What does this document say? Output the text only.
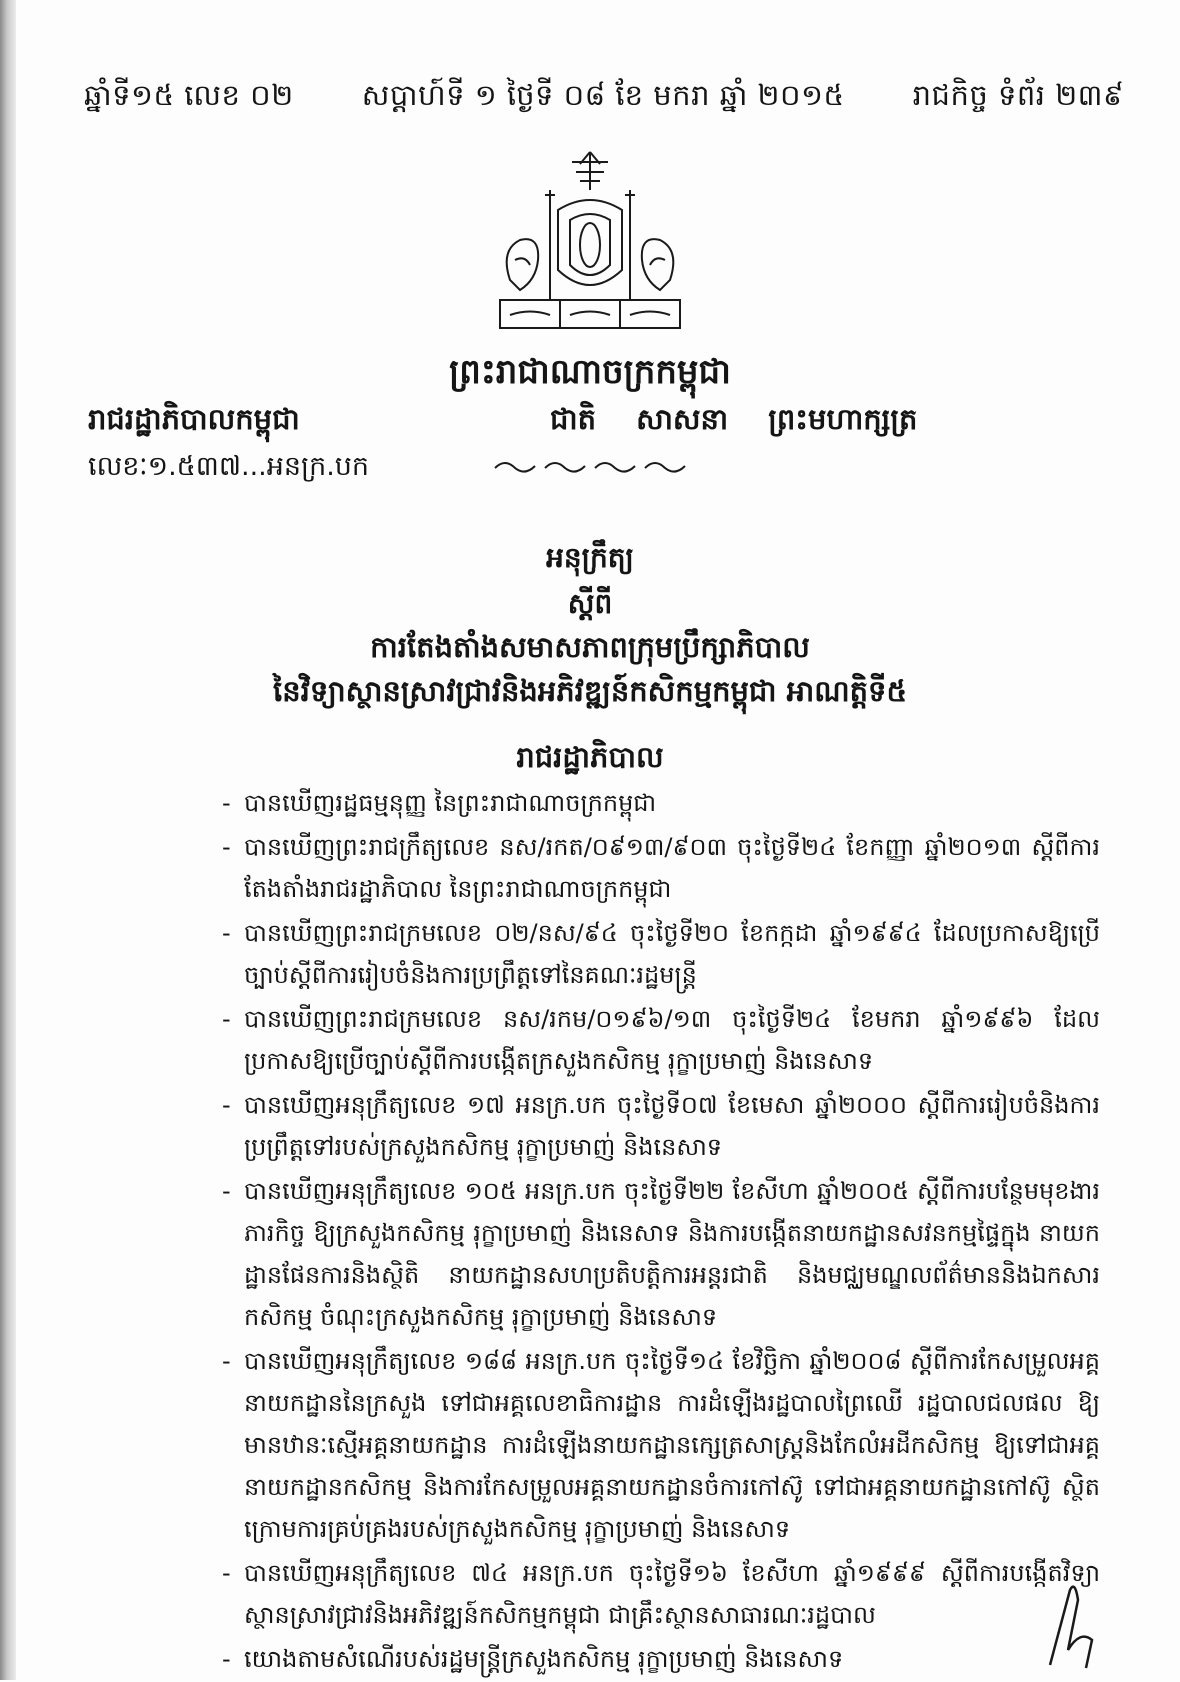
ឆ្នាំទី១៥ លេខ ០២ សប្តាហ៍ទី ១ ថ្ងៃទី ០៨ ខែ មករា ឆ្នាំ ២០១៥ រាជកិច្ច ទំព័រ ២៣៩
ព្រះរាជាណាចក្រកម្ពុជា
រាជរដ្ឋាភិបាលកម្ពុជា	ជាតិ សាសនា ព្រះមហាក្សត្រ
លេខៈ១.៥៣៧...អនក្រ.បក
អនុក្រឹត្យ
ស្តីពី
ការតែងតាំងសមាសភាពក្រុមប្រឹក្សាភិបាល
នៃវិទ្យាស្ថានស្រាវជ្រាវនិងអភិវឌ្ឍន៍កសិកម្មកម្ពុជា អាណត្តិទី៥
រាជរដ្ឋាភិបាល
- បានឃើញរដ្ឋធម្មនុញ្ញ នៃព្រះរាជាណាចក្រកម្ពុជា
- បានឃើញព្រះរាជក្រឹត្យលេខ នស/រកត/០៩១៣/៩០៣ ចុះថ្ងៃទី២៤ ខែកញ្ញា ឆ្នាំ២០១៣ ស្តីពីការតែងតាំងរាជរដ្ឋាភិបាល នៃព្រះរាជាណាចក្រកម្ពុជា
- បានឃើញព្រះរាជក្រមលេខ ០២/នស/៩៤ ចុះថ្ងៃទី២០ ខែកក្កដា ឆ្នាំ១៩៩៤ ដែលប្រកាសឱ្យប្រើច្បាប់ស្តីពីការរៀបចំនិងការប្រព្រឹត្តទៅនៃគណៈរដ្ឋមន្ត្រី
- បានឃើញព្រះរាជក្រមលេខ នស/រកម/០១៩៦/១៣ ចុះថ្ងៃទី២៤ ខែមករា ឆ្នាំ១៩៩៦ ដែលប្រកាសឱ្យប្រើច្បាប់ស្តីពីការបង្កើតក្រសួងកសិកម្ម រុក្ខាប្រមាញ់ និងនេសាទ
- បានឃើញអនុក្រឹត្យលេខ ១៧ អនក្រ.បក ចុះថ្ងៃទី០៧ ខែមេសា ឆ្នាំ២០០០ ស្តីពីការរៀបចំនិងការប្រព្រឹត្តទៅរបស់ក្រសួងកសិកម្ម រុក្ខាប្រមាញ់ និងនេសាទ
- បានឃើញអនុក្រឹត្យលេខ ១០៥ អនក្រ.បក ចុះថ្ងៃទី២២ ខែសីហា ឆ្នាំ២០០៥ ស្តីពីការបន្ថែមមុខងារភារកិច្ច ឱ្យក្រសួងកសិកម្ម រុក្ខាប្រមាញ់ និងនេសាទ និងការបង្កើតនាយកដ្ឋានសវនកម្មផ្ទៃក្នុង នាយកដ្ឋានផែនការនិងស្ថិតិ នាយកដ្ឋានសហប្រតិបត្តិការអន្តរជាតិ និងមជ្ឈមណ្ឌលព័ត៌មាននិងឯកសារកសិកម្ម ចំណុះក្រសួងកសិកម្ម រុក្ខាប្រមាញ់ និងនេសាទ
- បានឃើញអនុក្រឹត្យលេខ ១៨៨ អនក្រ.បក ចុះថ្ងៃទី១៤ ខែវិច្ឆិកា ឆ្នាំ២០០៨ ស្តីពីការកែសម្រួលអគ្គនាយកដ្ឋាននៃក្រសួង ទៅជាអគ្គលេខាធិការដ្ឋាន ការដំឡើងរដ្ឋបាលព្រៃឈើ រដ្ឋបាលជលផល ឱ្យមានឋានៈស្មើអគ្គនាយកដ្ឋាន ការដំឡើងនាយកដ្ឋានក្សេត្រសាស្ត្រនិងកែលំអដីកសិកម្ម ឱ្យទៅជាអគ្គនាយកដ្ឋានកសិកម្ម និងការកែសម្រួលអគ្គនាយកដ្ឋានចំការកៅស៊ូ ទៅជាអគ្គនាយកដ្ឋានកៅស៊ូ ស្ថិតក្រោមការគ្រប់គ្រងរបស់ក្រសួងកសិកម្ម រុក្ខាប្រមាញ់ និងនេសាទ
- បានឃើញអនុក្រឹត្យលេខ ៧៤ អនក្រ.បក ចុះថ្ងៃទី១៦ ខែសីហា ឆ្នាំ១៩៩៩ ស្តីពីការបង្កើតវិទ្យាស្ថានស្រាវជ្រាវនិងអភិវឌ្ឍន៍កសិកម្មកម្ពុជា ជាគ្រឹះស្ថានសាធារណៈរដ្ឋបាល
- យោងតាមសំណើរបស់រដ្ឋមន្ត្រីក្រសួងកសិកម្ម រុក្ខាប្រមាញ់ និងនេសាទ
